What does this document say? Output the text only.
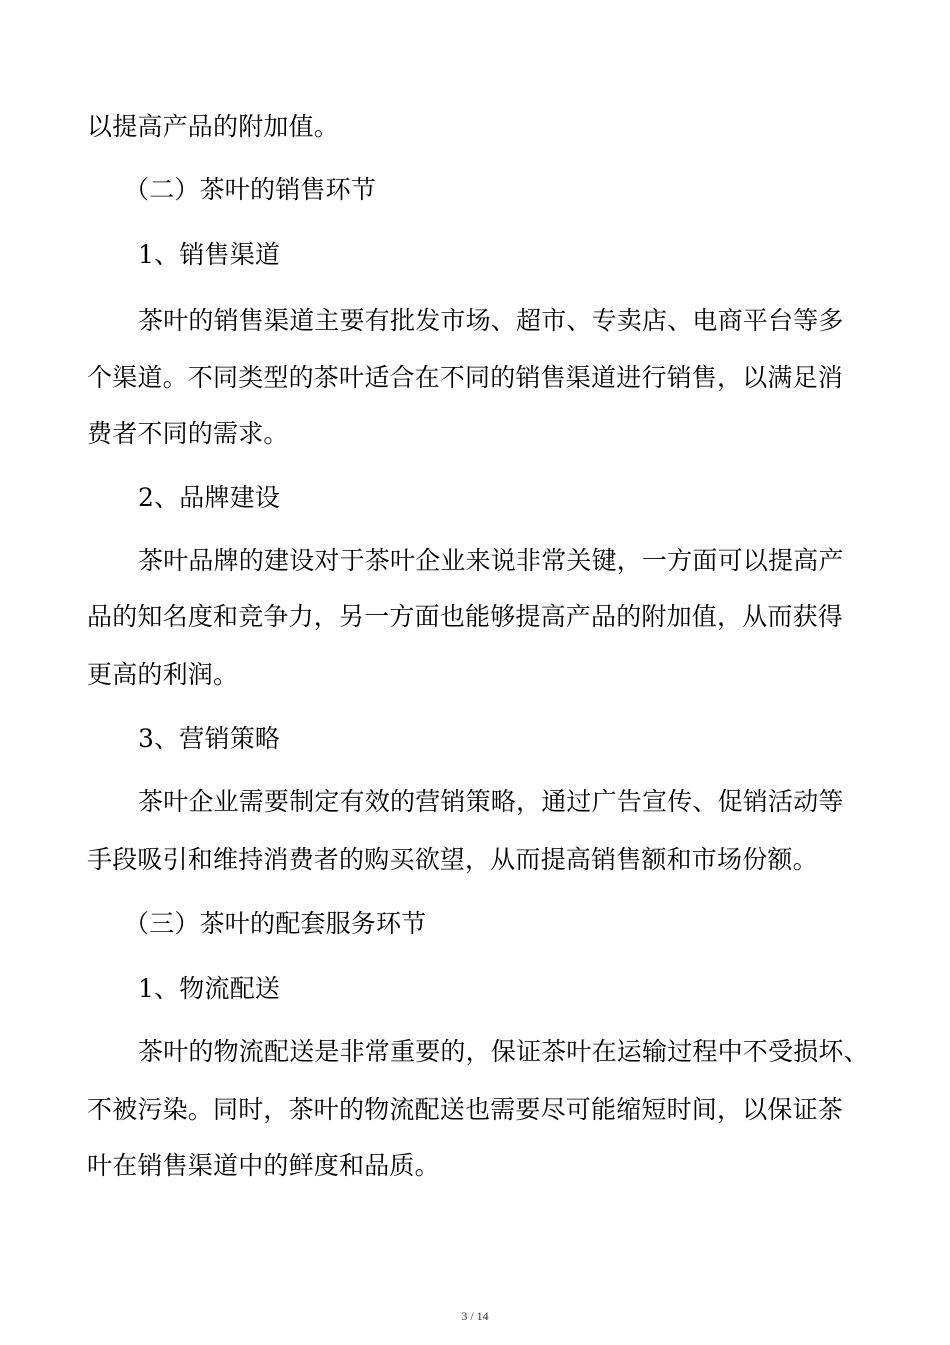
以提高产品的附加值。
（二）茶叶的销售环节
1、销售渠道
茶叶的销售渠道主要有批发市场、超市、专卖店、电商平台等多
个渠道。不同类型的茶叶适合在不同的销售渠道进行销售，以满足消
费者不同的需求。
2、品牌建设
茶叶品牌的建设对于茶叶企业来说非常关键，一方面可以提高产
品的知名度和竞争力，另一方面也能够提高产品的附加值，从而获得
更高的利润。
3、营销策略
茶叶企业需要制定有效的营销策略，通过广告宣传、促销活动等
手段吸引和维持消费者的购买欲望，从而提高销售额和市场份额。
（三）茶叶的配套服务环节
1、物流配送
茶叶的物流配送是非常重要的，保证茶叶在运输过程中不受损坏、
不被污染。同时，茶叶的物流配送也需要尽可能缩短时间，以保证茶
叶在销售渠道中的鲜度和品质。
3 / 14
